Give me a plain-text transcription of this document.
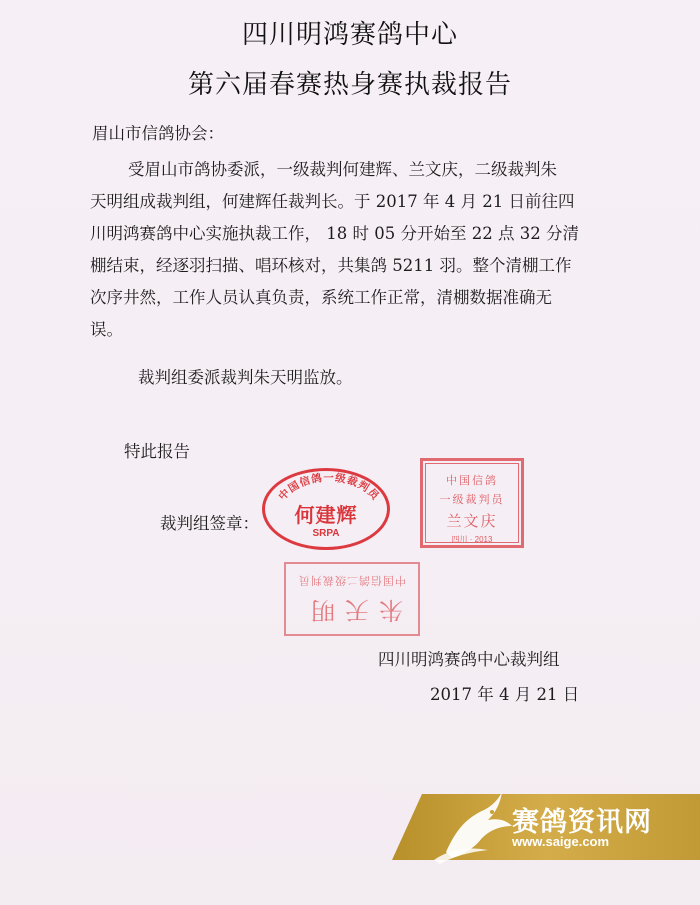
四川明鸿赛鸽中心
第六届春赛热身赛执裁报告
眉山市信鸽协会：
受眉山市鸽协委派，一级裁判何建辉、兰文庆，二级裁判朱
天明组成裁判组，何建辉任裁判长。于 2017 年 4 月 21 日前往四
川明鸿赛鸽中心实施执裁工作， 18 时 05 分开始至 22 点 32 分清
棚结束，经逐羽扫描、唱环核对，共集鸽 5211 羽。整个清棚工作
次序井然，工作人员认真负责，系统工作正常，清棚数据准确无
误。
裁判组委派裁判朱天明监放。
特此报告
裁判组签章：
中国信鸽一级裁判员
何建辉
SRPA
中国信鸽
一级裁判员
兰文庆
四川 · 2013
朱天明
中国信鸽二级裁判员
四川明鸿赛鸽中心裁判组
2017 年 4 月 21 日
赛鸽资讯网
www.saige.com
